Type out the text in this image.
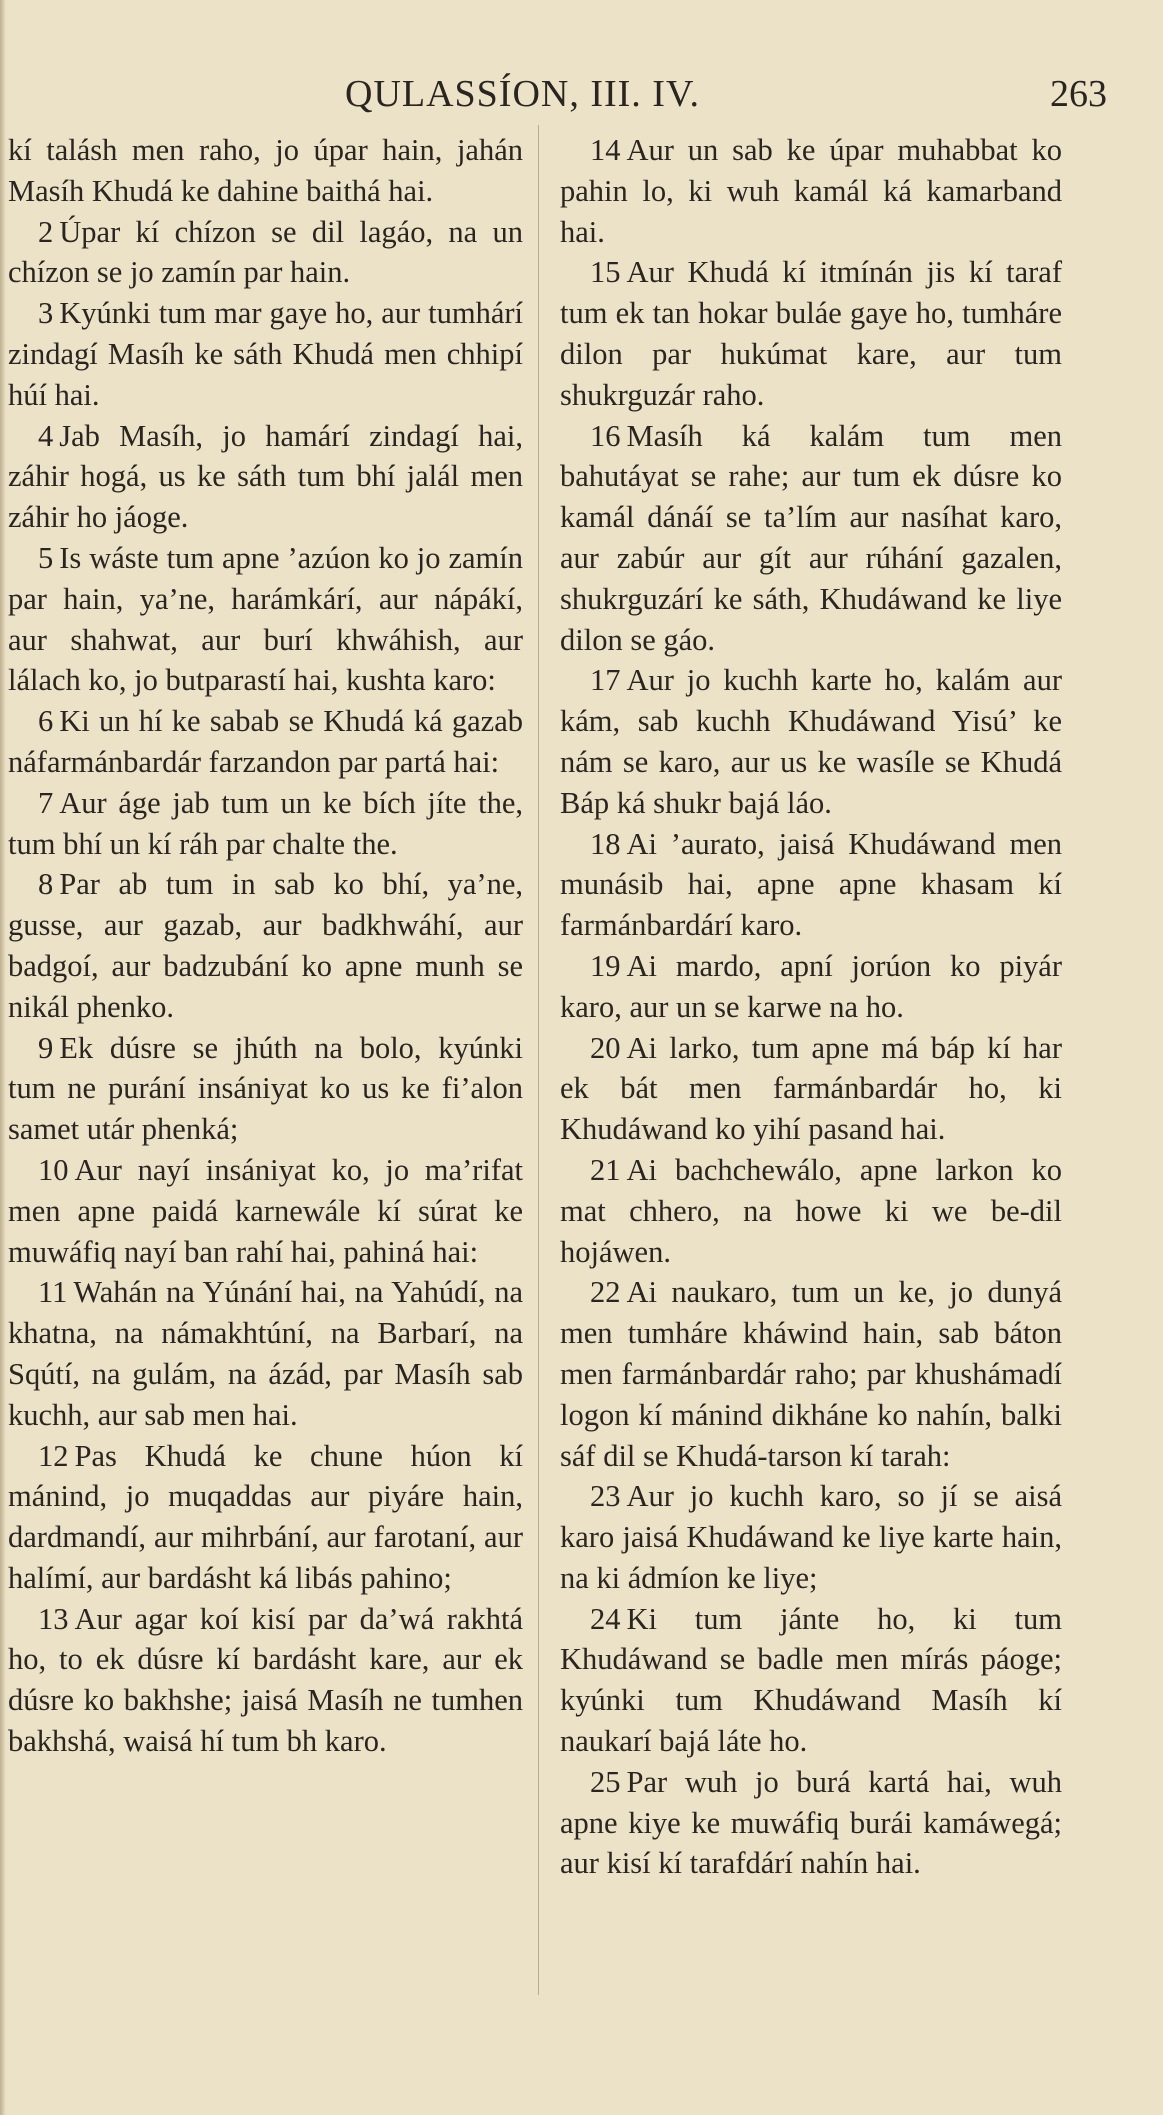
QULASSÍON, III. IV.	263

kí talásh men raho, jo úpar hain, jahán Masíh Khudá ke dahine baithá hai.

2 Úpar kí chízon se dil lagáo, na un chízon se jo zamín par hain.

3 Kyúnki tum mar gaye ho, aur tumhárí zindagí Masíh ke sáth Khudá men chhipí húí hai.

4 Jab Masíh, jo hamárí zindagí hai, záhir hogá, us ke sáth tum bhí jalál men záhir ho jáoge.

5 Is wáste tum apne ’azúon ko jo zamín par hain, ya’ne, harámkárí, aur nápákí, aur shahwat, aur burí khwáhish, aur lálach ko, jo butparastí hai, kushta karo:

6 Ki un hí ke sabab se Khudá ká gazab náfarmánbardár farzandon par partá hai:

7 Aur áge jab tum un ke bích jíte the, tum bhí un kí ráh par chalte the.

8 Par ab tum in sab ko bhí, ya’ne, gusse, aur gazab, aur badkhwáhí, aur badgoí, aur badzubání ko apne munh se nikál phenko.

9 Ek dúsre se jhúth na bolo, kyúnki tum ne purání insániyat ko us ke fi’alon samet utár phenká;

10 Aur nayí insániyat ko, jo ma’rifat men apne paidá karnewále kí súrat ke muwáfiq nayí ban rahí hai, pahiná hai:

11 Wahán na Yúnání hai, na Yahúdí, na khatna, na námakhtúní, na Barbarí, na Sqútí, na gulám, na ázád, par Masíh sab kuchh, aur sab men hai.

12 Pas Khudá ke chune húon kí mánind, jo muqaddas aur piyáre hain, dardmandí, aur mihrbání, aur farotaní, aur halímí, aur bardásht ká libás pahino;

13 Aur agar koí kisí par da’wá rakhtá ho, to ek dúsre kí bardásht kare, aur ek dúsre ko bakhshe; jaisá Masíh ne tumhen bakhshá, waisá hí tum bh karo.

14 Aur un sab ke úpar muhabbat ko pahin lo, ki wuh kamál ká kamarband hai.

15 Aur Khudá kí itmínán jis kí taraf tum ek tan hokar buláe gaye ho, tumháre dilon par hukúmat kare, aur tum shukrguzár raho.

16 Masíh ká kalám tum men bahutáyat se rahe; aur tum ek dúsre ko kamál dánáí se ta’lím aur nasíhat karo, aur zabúr aur gít aur rúhání gazalen, shukrguzárí ke sáth, Khudáwand ke liye dilon se gáo.

17 Aur jo kuchh karte ho, kalám aur kám, sab kuchh Khudáwand Yisú’ ke nám se karo, aur us ke wasíle se Khudá Báp ká shukr bajá láo.

18 Ai ’aurato, jaisá Khudáwand men munásib hai, apne apne khasam kí farmánbardárí karo.

19 Ai mardo, apní jorúon ko piyár karo, aur un se karwe na ho.

20 Ai larko, tum apne má báp kí har ek bát men farmánbardár ho, ki Khudáwand ko yihí pasand hai.

21 Ai bachchewálo, apne larkon ko mat chhero, na howe ki we be-dil hojáwen.

22 Ai naukaro, tum un ke, jo dunyá men tumháre kháwind hain, sab báton men farmánbardár raho; par khushámadí logon kí mánind dikháne ko nahín, balki sáf dil se Khudá-tarson kí tarah:

23 Aur jo kuchh karo, so jí se aisá karo jaisá Khudáwand ke liye karte hain, na ki ádmíon ke liye;

24 Ki tum jánte ho, ki tum Khudáwand se badle men mírás páoge; kyúnki tum Khudáwand Masíh kí naukarí bajá láte ho.

25 Par wuh jo burá kartá hai, wuh apne kiye ke muwáfiq burái kamáwegá; aur kisí kí tarafdárí nahín hai.
